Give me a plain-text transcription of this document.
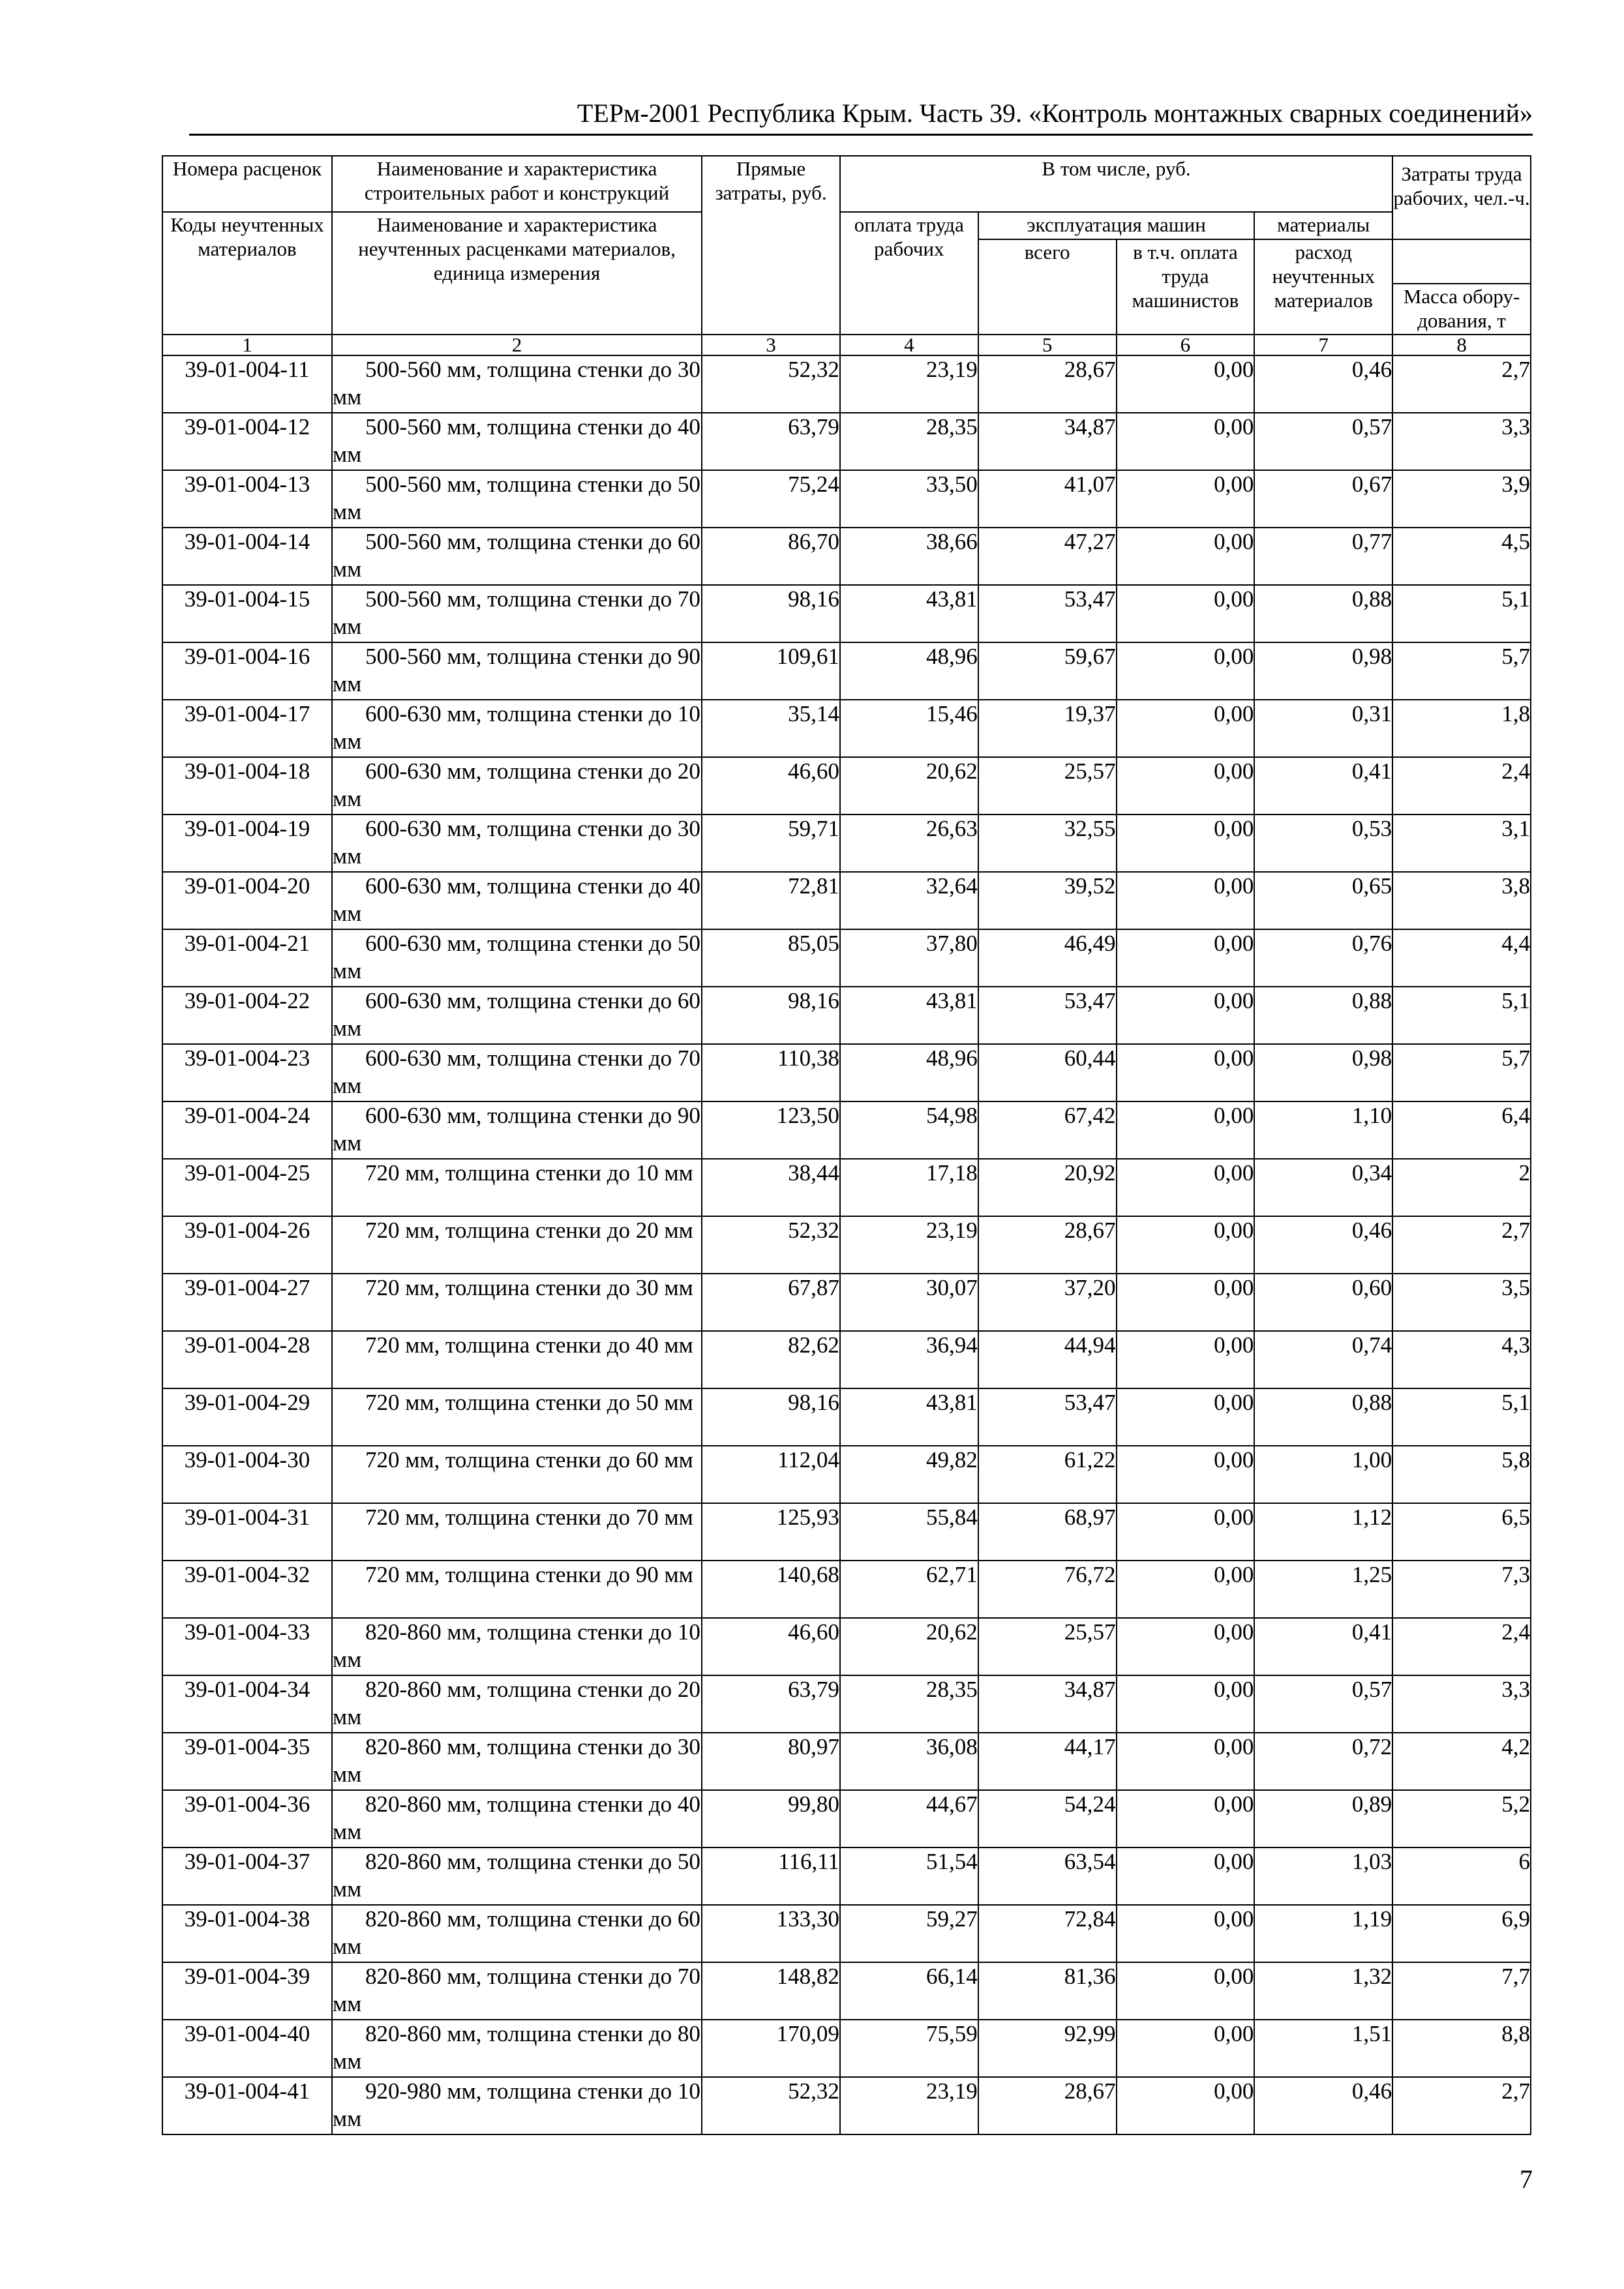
ТЕРм-2001 Республика Крым. Часть 39. «Контроль монтажных сварных соединений»
Номера расценок	Наименование и характеристика строительных работ и конструкций	Прямые затраты, руб.	В том числе, руб.				Затраты труда рабочих, чел.-ч.
Коды неучтенных материалов	Наименование и характеристика неучтенных расценками материалов, единица измерения		оплата труда рабочих	эксплуатация машин		материалы	
				всего	в т.ч. оплата труда машинистов	расход неучтенных материалов	
							Масса обору-дования, т
1	2	3	4	5	6	7	8
39-01-004-11	500-560 мм, толщина стенки до 30 мм	52,32	23,19	28,67	0,00	0,46	2,7
39-01-004-12	500-560 мм, толщина стенки до 40 мм	63,79	28,35	34,87	0,00	0,57	3,3
39-01-004-13	500-560 мм, толщина стенки до 50 мм	75,24	33,50	41,07	0,00	0,67	3,9
39-01-004-14	500-560 мм, толщина стенки до 60 мм	86,70	38,66	47,27	0,00	0,77	4,5
39-01-004-15	500-560 мм, толщина стенки до 70 мм	98,16	43,81	53,47	0,00	0,88	5,1
39-01-004-16	500-560 мм, толщина стенки до 90 мм	109,61	48,96	59,67	0,00	0,98	5,7
39-01-004-17	600-630 мм, толщина стенки до 10 мм	35,14	15,46	19,37	0,00	0,31	1,8
39-01-004-18	600-630 мм, толщина стенки до 20 мм	46,60	20,62	25,57	0,00	0,41	2,4
39-01-004-19	600-630 мм, толщина стенки до 30 мм	59,71	26,63	32,55	0,00	0,53	3,1
39-01-004-20	600-630 мм, толщина стенки до 40 мм	72,81	32,64	39,52	0,00	0,65	3,8
39-01-004-21	600-630 мм, толщина стенки до 50 мм	85,05	37,80	46,49	0,00	0,76	4,4
39-01-004-22	600-630 мм, толщина стенки до 60 мм	98,16	43,81	53,47	0,00	0,88	5,1
39-01-004-23	600-630 мм, толщина стенки до 70 мм	110,38	48,96	60,44	0,00	0,98	5,7
39-01-004-24	600-630 мм, толщина стенки до 90 мм	123,50	54,98	67,42	0,00	1,10	6,4
39-01-004-25	720 мм, толщина стенки до 10 мм	38,44	17,18	20,92	0,00	0,34	2
39-01-004-26	720 мм, толщина стенки до 20 мм	52,32	23,19	28,67	0,00	0,46	2,7
39-01-004-27	720 мм, толщина стенки до 30 мм	67,87	30,07	37,20	0,00	0,60	3,5
39-01-004-28	720 мм, толщина стенки до 40 мм	82,62	36,94	44,94	0,00	0,74	4,3
39-01-004-29	720 мм, толщина стенки до 50 мм	98,16	43,81	53,47	0,00	0,88	5,1
39-01-004-30	720 мм, толщина стенки до 60 мм	112,04	49,82	61,22	0,00	1,00	5,8
39-01-004-31	720 мм, толщина стенки до 70 мм	125,93	55,84	68,97	0,00	1,12	6,5
39-01-004-32	720 мм, толщина стенки до 90 мм	140,68	62,71	76,72	0,00	1,25	7,3
39-01-004-33	820-860 мм, толщина стенки до 10 мм	46,60	20,62	25,57	0,00	0,41	2,4
39-01-004-34	820-860 мм, толщина стенки до 20 мм	63,79	28,35	34,87	0,00	0,57	3,3
39-01-004-35	820-860 мм, толщина стенки до 30 мм	80,97	36,08	44,17	0,00	0,72	4,2
39-01-004-36	820-860 мм, толщина стенки до 40 мм	99,80	44,67	54,24	0,00	0,89	5,2
39-01-004-37	820-860 мм, толщина стенки до 50 мм	116,11	51,54	63,54	0,00	1,03	6
39-01-004-38	820-860 мм, толщина стенки до 60 мм	133,30	59,27	72,84	0,00	1,19	6,9
39-01-004-39	820-860 мм, толщина стенки до 70 мм	148,82	66,14	81,36	0,00	1,32	7,7
39-01-004-40	820-860 мм, толщина стенки до 80 мм	170,09	75,59	92,99	0,00	1,51	8,8
39-01-004-41	920-980 мм, толщина стенки до 10 мм	52,32	23,19	28,67	0,00	0,46	2,7
7
